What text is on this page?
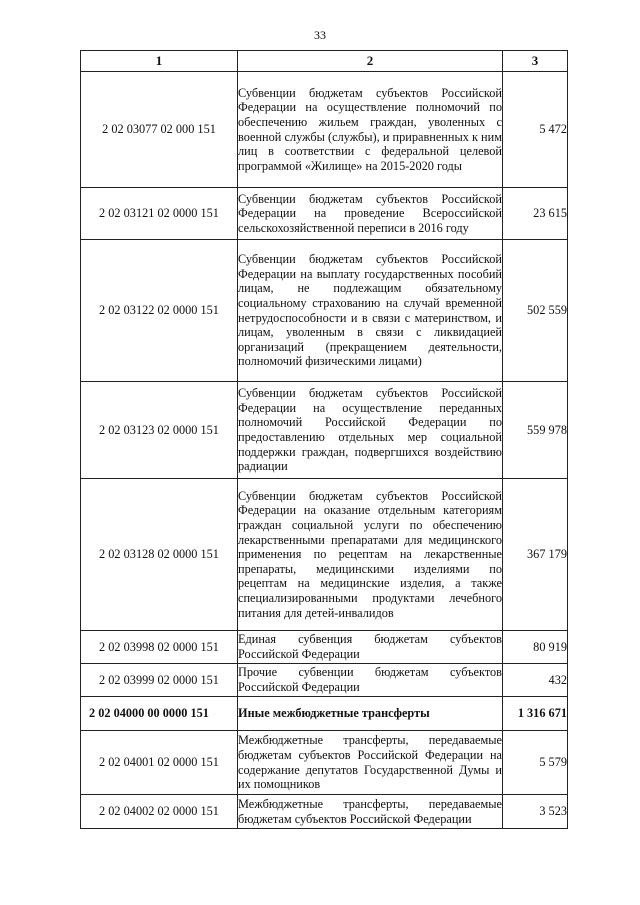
33
1	2	3
2 02 03077 02 000 151	Субвенции бюджетам субъектов Российской Федерации на осуществление полномочий по обеспечению жильем граждан, уволенных с военной службы (службы), и приравненных к ним лиц в соответствии с федеральной целевой программой «Жилище» на 2015-2020 годы	5 472
2 02 03121 02 0000 151	Субвенции бюджетам субъектов Российской Федерации на проведение Всероссийской сельскохозяйственной переписи в 2016 году	23 615
2 02 03122 02 0000 151	Субвенции бюджетам субъектов Российской Федерации на выплату государственных пособий лицам, не подлежащим обязательному социальному страхованию на случай временной нетрудоспособности и в связи с материнством, и лицам, уволенным в связи с ликвидацией организаций (прекращением деятельности, полномочий физическими лицами)	502 559
2 02 03123 02 0000 151	Субвенции бюджетам субъектов Российской Федерации на осуществление переданных полномочий Российской Федерации по предоставлению отдельных мер социальной поддержки граждан, подвергшихся воздействию радиации	559 978
2 02 03128 02 0000 151	Субвенции бюджетам субъектов Российской Федерации на оказание отдельным категориям граждан социальной услуги по обеспечению лекарственными препаратами для медицинского применения по рецептам на лекарственные препараты, медицинскими изделиями по рецептам на медицинские изделия, а также специализированными продуктами лечебного питания для детей-инвалидов	367 179
2 02 03998 02 0000 151	Единая субвенция бюджетам субъектов Российской Федерации	80 919
2 02 03999 02 0000 151	Прочие субвенции бюджетам субъектов Российской Федерации	432
2 02 04000 00 0000 151	Иные межбюджетные трансферты	1 316 671
2 02 04001 02 0000 151	Межбюджетные трансферты, передаваемые бюджетам субъектов Российской Федерации на содержание депутатов Государственной Думы и их помощников	5 579
2 02 04002 02 0000 151	Межбюджетные трансферты, передаваемые бюджетам субъектов Российской Федерации	3 523
